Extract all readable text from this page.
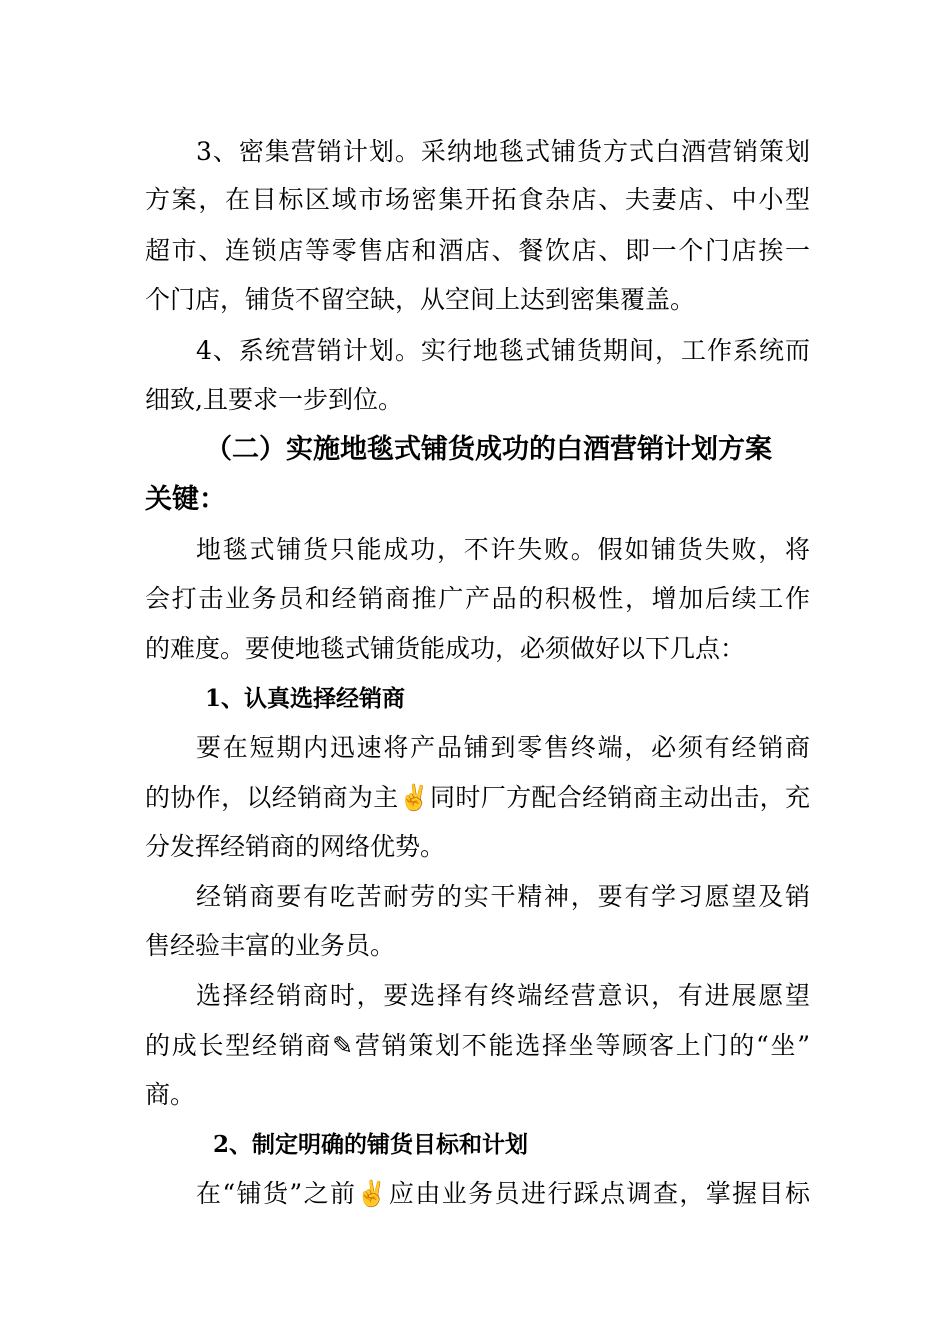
3、密集营销计划。采纳地毯式铺货方式白酒营销策划
方案，在目标区域市场密集开拓食杂店、夫妻店、中小型
超市、连锁店等零售店和酒店、餐饮店、即一个门店挨一
个门店，铺货不留空缺，从空间上达到密集覆盖。
4、系统营销计划。实行地毯式铺货期间，工作系统而
细致,且要求一步到位。
（二）实施地毯式铺货成功的白酒营销计划方案
关键：
地毯式铺货只能成功，不许失败。假如铺货失败，将
会打击业务员和经销商推广产品的积极性，增加后续工作
的难度。要使地毯式铺货能成功，必须做好以下几点：
1、认真选择经销商
要在短期内迅速将产品铺到零售终端，必须有经销商
的协作，以经销商为主✌同时厂方配合经销商主动出击，充
分发挥经销商的网络优势。
经销商要有吃苦耐劳的实干精神，要有学习愿望及销
售经验丰富的业务员。
选择经销商时，要选择有终端经营意识，有进展愿望
的成长型经销商✎营销策划不能选择坐等顾客上门的“坐”
商。
2、制定明确的铺货目标和计划
在“铺货”之前✌应由业务员进行踩点调查，掌握目标
